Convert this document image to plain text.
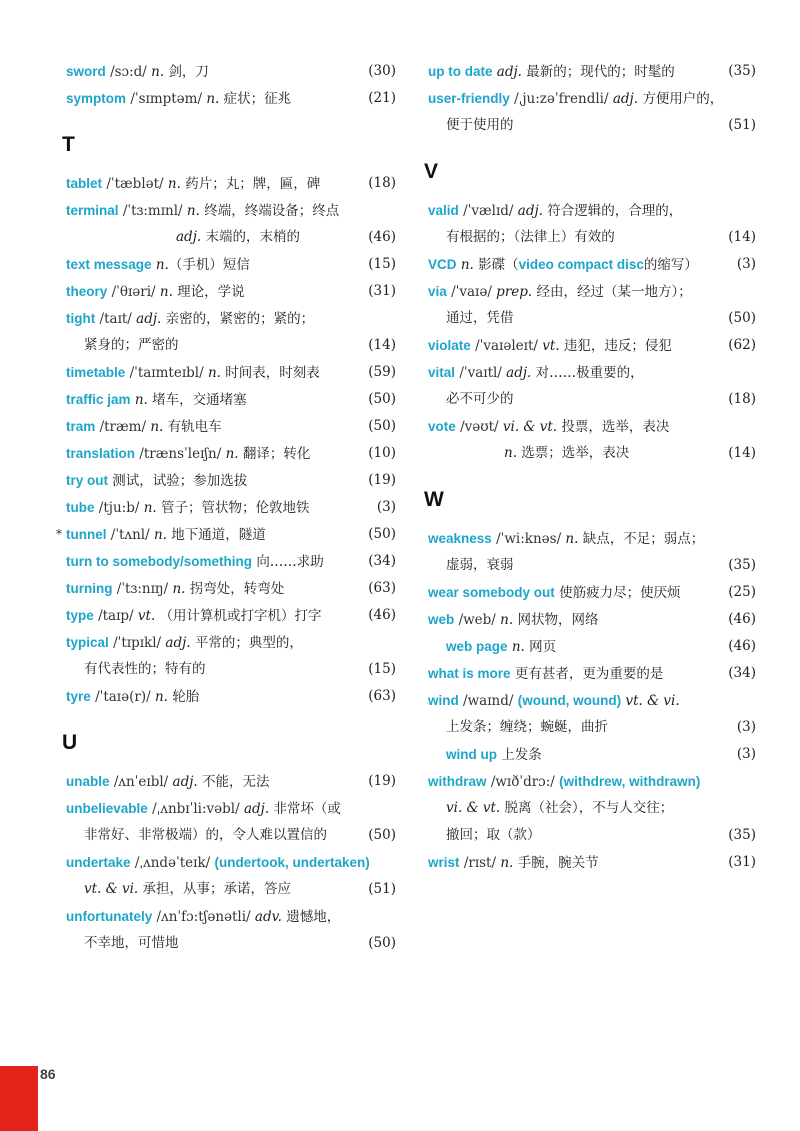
sword /sɔ:d/ n. 剑，刀	(30)
symptom /ˈsɪmptəm/ n. 症状；征兆	(21)
T
tablet /ˈtæblət/ n. 药片；丸；牌，匾，碑	(18)
terminal /ˈtɜ:mɪnl/ n. 终端，终端设备；终点
adj. 末端的，末梢的	(46)
text message n.（手机）短信	(15)
theory /ˈθɪəri/ n. 理论，学说	(31)
tight /taɪt/ adj. 亲密的，紧密的；紧的；
紧身的；严密的	(14)
timetable /ˈtaɪmteɪbl/ n. 时间表，时刻表	(59)
traffic jam n. 堵车，交通堵塞	(50)
tram /træm/ n. 有轨电车	(50)
translation /trænsˈleɪʃn/ n. 翻译；转化	(10)
try out 测试，试验；参加选拔	(19)
tube /tju:b/ n. 管子；管状物；伦敦地铁	(3)
* tunnel /ˈtʌnl/ n. 地下通道，隧道	(50)
turn to somebody/something 向……求助	(34)
turning /ˈtɜ:nɪŋ/ n. 拐弯处，转弯处	(63)
type /taɪp/ vt. （用计算机或打字机）打字	(46)
typical /ˈtɪpɪkl/ adj. 平常的；典型的，
有代表性的；特有的	(15)
tyre /ˈtaɪə(r)/ n. 轮胎	(63)
U
unable /ʌnˈeɪbl/ adj. 不能，无法	(19)
unbelievable /ˌʌnbɪˈli:vəbl/ adj. 非常坏（或
非常好、非常极端）的，令人难以置信的	(50)
undertake /ˌʌndəˈteɪk/ (undertook, undertaken)
vt. & vi. 承担，从事；承诺，答应	(51)
unfortunately /ʌnˈfɔ:tʃənətli/ adv. 遗憾地，
不幸地，可惜地	(50)
up to date adj. 最新的；现代的；时髦的	(35)
user-friendly /ˌju:zəˈfrendli/ adj. 方便用户的，
便于使用的	(51)
V
valid /ˈvælɪd/ adj. 符合逻辑的，合理的，
有根据的；（法律上）有效的	(14)
VCD n. 影碟（video compact disc的缩写）	(3)
via /ˈvaɪə/ prep. 经由，经过（某一地方）；
通过，凭借	(50)
violate /ˈvaɪəleɪt/ vt. 违犯，违反；侵犯	(62)
vital /ˈvaɪtl/ adj. 对……极重要的，
必不可少的	(18)
vote /vəʊt/ vi. & vt. 投票，选举，表决
n. 选票；选举，表决	(14)
W
weakness /ˈwi:knəs/ n. 缺点，不足；弱点；
虚弱，衰弱	(35)
wear somebody out 使筋疲力尽；使厌烦	(25)
web /web/ n. 网状物，网络	(46)
web page n. 网页	(46)
what is more 更有甚者，更为重要的是	(34)
wind /waɪnd/ (wound, wound) vt. & vi.
上发条；缠绕；蜿蜒，曲折	(3)
wind up 上发条	(3)
withdraw /wɪðˈdrɔ:/ (withdrew, withdrawn)
vi. & vt. 脱离（社会），不与人交往；
撤回；取（款）	(35)
wrist /rɪst/ n. 手腕，腕关节	(31)
86
